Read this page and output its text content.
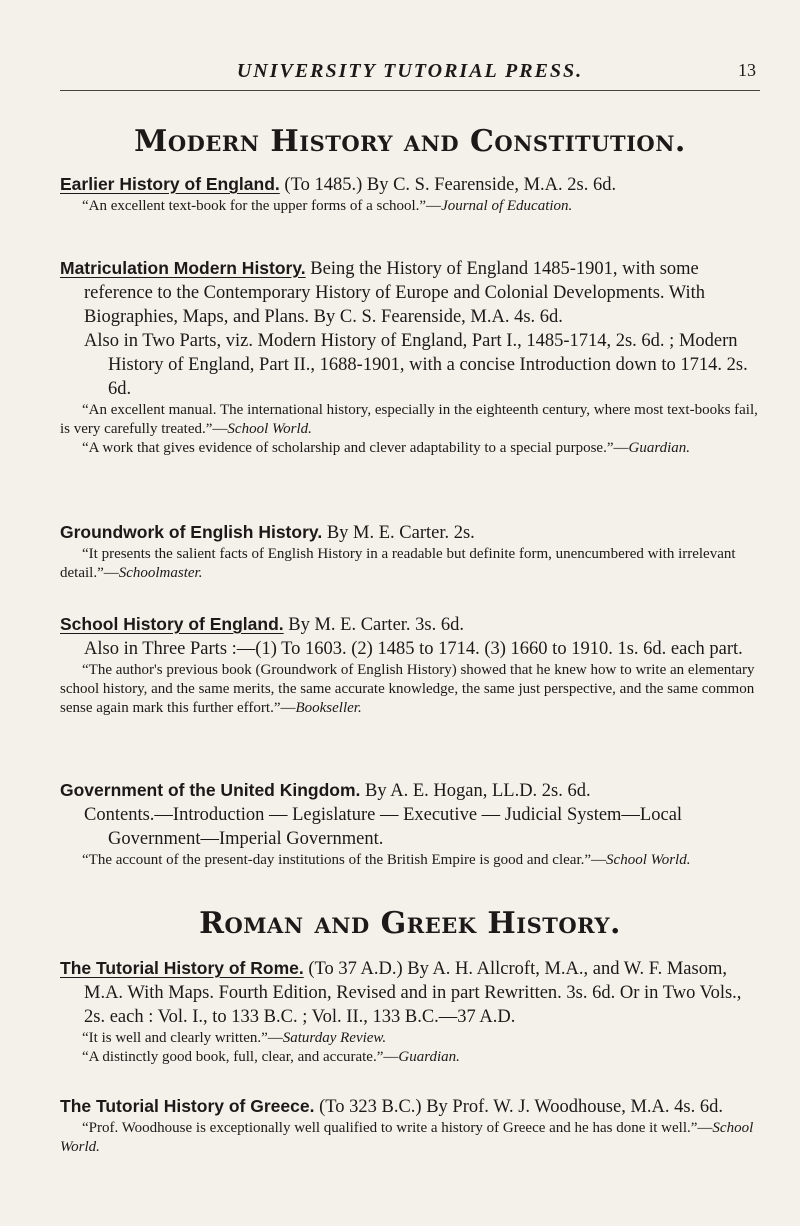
UNIVERSITY TUTORIAL PRESS.	13
Modern History and Constitution.

Earlier History of England. (To 1485.) By C. S. Fearenside, M.A. 2s. 6d.

“An excellent text-book for the upper forms of a school.”—Journal of Education.

Matriculation Modern History. Being the History of England 1485-1901, with some reference to the Contemporary History of Europe and Colonial Developments. With Biographies, Maps, and Plans. By C. S. Fearenside, M.A. 4s. 6d.

Also in Two Parts, viz. Modern History of England, Part I., 1485-1714, 2s. 6d. ; Modern History of England, Part II., 1688-1901, with a concise Introduction down to 1714. 2s. 6d.

“An excellent manual. The international history, especially in the eighteenth century, where most text-books fail, is very carefully treated.”—School World.

“A work that gives evidence of scholarship and clever adaptability to a special purpose.”—Guardian.

Groundwork of English History. By M. E. Carter. 2s.

“It presents the salient facts of English History in a readable but definite form, unencumbered with irrelevant detail.”—Schoolmaster.

School History of England. By M. E. Carter. 3s. 6d.

Also in Three Parts :—(1) To 1603. (2) 1485 to 1714. (3) 1660 to 1910. 1s. 6d. each part.

“The author's previous book (Groundwork of English History) showed that he knew how to write an elementary school history, and the same merits, the same accurate knowledge, the same just perspective, and the same common sense again mark this further effort.”—Bookseller.

Government of the United Kingdom. By A. E. Hogan, LL.D. 2s. 6d.

Contents.—Introduction — Legislature — Executive — Judicial System—Local Government—Imperial Government.

“The account of the present-day institutions of the British Empire is good and clear.”—School World.

Roman and Greek History.

The Tutorial History of Rome. (To 37 A.D.) By A. H. Allcroft, M.A., and W. F. Masom, M.A. With Maps. Fourth Edition, Revised and in part Rewritten. 3s. 6d. Or in Two Vols., 2s. each : Vol. I., to 133 B.C. ; Vol. II., 133 B.C.—37 A.D.

“It is well and clearly written.”—Saturday Review.

“A distinctly good book, full, clear, and accurate.”—Guardian.

The Tutorial History of Greece. (To 323 B.C.) By Prof. W. J. Woodhouse, M.A. 4s. 6d.

“Prof. Woodhouse is exceptionally well qualified to write a history of Greece and he has done it well.”—School World.
